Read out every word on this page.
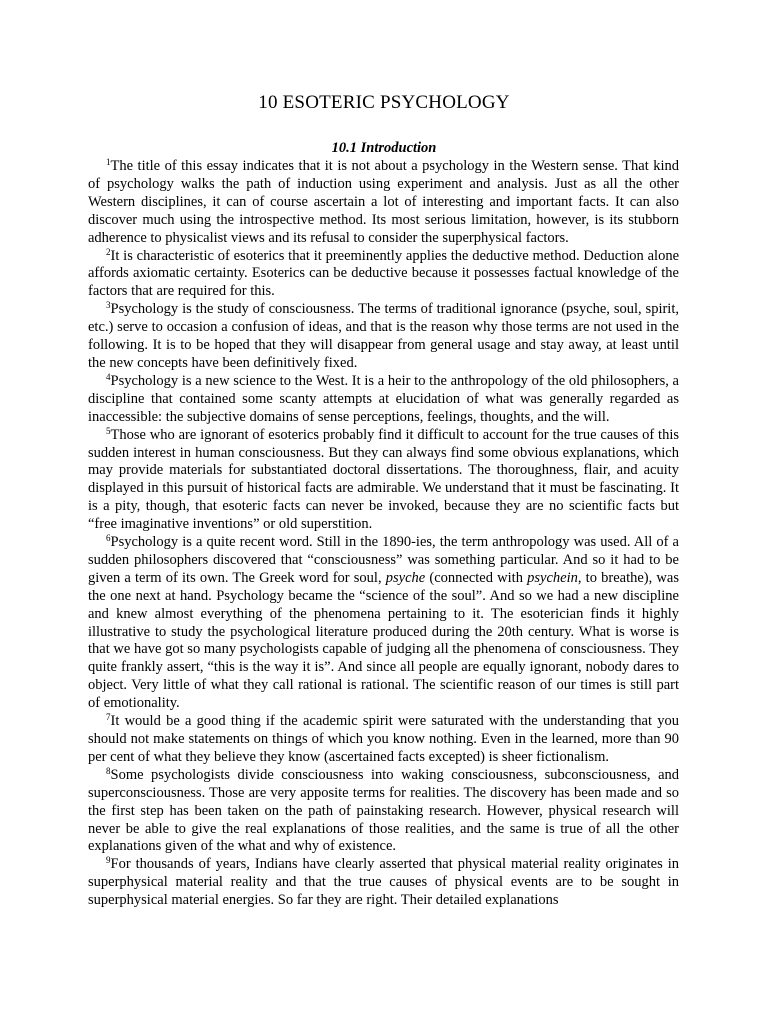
10 ESOTERIC PSYCHOLOGY
10.1 Introduction

$^1$The title of this essay indicates that it is not about a psychology in the Western sense. That kind of psychology walks the path of induction using experiment and analysis. Just as all the other Western disciplines, it can of course ascertain a lot of interesting and important facts. It can also discover much using the introspective method. Its most serious limitation, however, is its stubborn adherence to physicalist views and its refusal to consider the superphysical factors.

$^2$It is characteristic of esoterics that it preeminently applies the deductive method. Deduction alone affords axiomatic certainty. Esoterics can be deductive because it possesses factual knowledge of the factors that are required for this.

$^3$Psychology is the study of consciousness. The terms of traditional ignorance (psyche, soul, spirit, etc.) serve to occasion a confusion of ideas, and that is the reason why those terms are not used in the following. It is to be hoped that they will disappear from general usage and stay away, at least until the new concepts have been definitively fixed.

$^4$Psychology is a new science to the West. It is a heir to the anthropology of the old philosophers, a discipline that contained some scanty attempts at elucidation of what was generally regarded as inaccessible: the subjective domains of sense perceptions, feelings, thoughts, and the will.

$^5$Those who are ignorant of esoterics probably find it difficult to account for the true causes of this sudden interest in human consciousness. But they can always find some obvious explanations, which may provide materials for substantiated doctoral dissertations. The thoroughness, flair, and acuity displayed in this pursuit of historical facts are admirable. We understand that it must be fascinating. It is a pity, though, that esoteric facts can never be invoked, because they are no scientific facts but “free imaginative inventions” or old superstition.

$^6$Psychology is a quite recent word. Still in the 1890-ies, the term anthropology was used. All of a sudden philosophers discovered that “consciousness” was something particular. And so it had to be given a term of its own. The Greek word for soul, psyche (connected with psychein, to breathe), was the one next at hand. Psychology became the “science of the soul”. And so we had a new discipline and knew almost everything of the phenomena pertaining to it. The esoterician finds it highly illustrative to study the psychological literature produced during the 20th century. What is worse is that we have got so many psychologists capable of judging all the phenomena of consciousness. They quite frankly assert, “this is the way it is”. And since all people are equally ignorant, nobody dares to object. Very little of what they call rational is rational. The scientific reason of our times is still part of emotionality.

$^7$It would be a good thing if the academic spirit were saturated with the understanding that you should not make statements on things of which you know nothing. Even in the learned, more than 90 per cent of what they believe they know (ascertained facts excepted) is sheer fictionalism.

$^8$Some psychologists divide consciousness into waking consciousness, subconsciousness, and superconsciousness. Those are very apposite terms for realities. The discovery has been made and so the first step has been taken on the path of painstaking research. However, physical research will never be able to give the real explanations of those realities, and the same is true of all the other explanations given of the what and why of existence.

$^9$For thousands of years, Indians have clearly asserted that physical material reality originates in superphysical material reality and that the true causes of physical events are to be sought in superphysical material energies. So far they are right. Their detailed explanations
